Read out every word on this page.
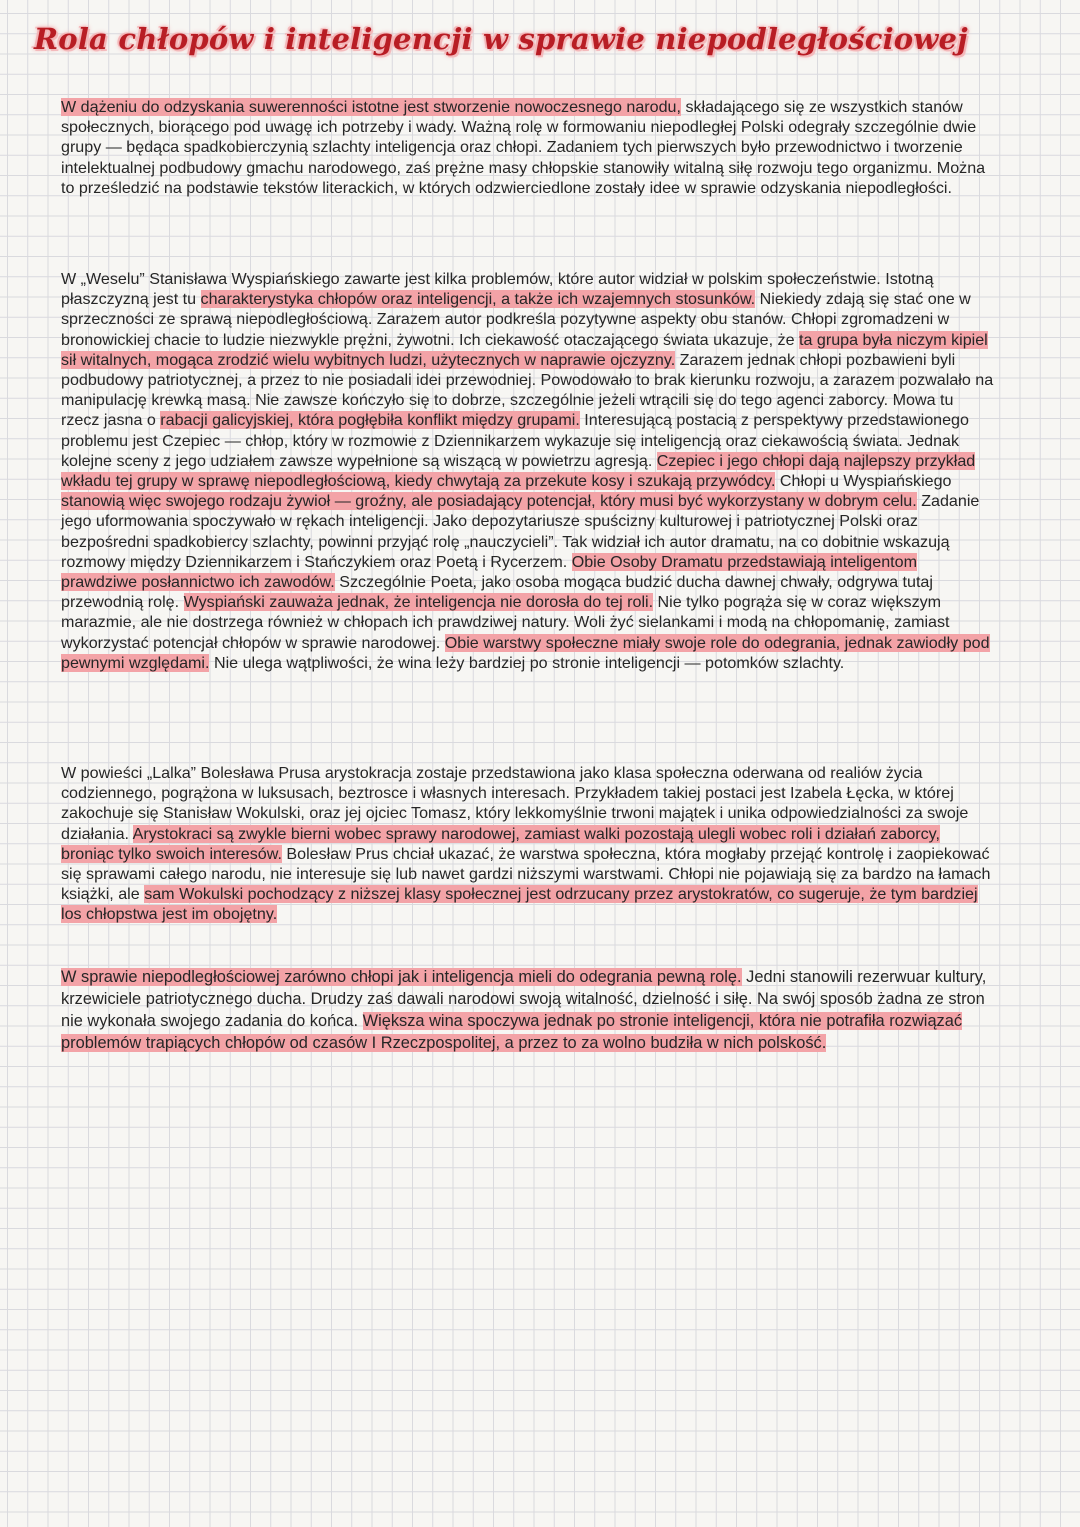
Rola chłopów i inteligencji w sprawie niepodległościowej

W dążeniu do odzyskania suwerenności istotne jest stworzenie nowoczesnego narodu, składającego się ze wszystkich stanów społecznych, biorącego pod uwagę ich potrzeby i wady. Ważną rolę w formowaniu niepodległej Polski odegrały szczególnie dwie grupy — będąca spadkobierczynią szlachty inteligencja oraz chłopi. Zadaniem tych pierwszych było przewodnictwo i tworzenie intelektualnej podbudowy gmachu narodowego, zaś prężne masy chłopskie stanowiły witalną siłę rozwoju tego organizmu. Można to prześledzić na podstawie tekstów literackich, w których odzwierciedlone zostały idee w sprawie odzyskania niepodległości.

W „Weselu” Stanisława Wyspiańskiego zawarte jest kilka problemów, które autor widział w polskim społeczeństwie. Istotną płaszczyzną jest tu charakterystyka chłopów oraz inteligencji, a także ich wzajemnych stosunków. Niekiedy zdają się stać one w sprzeczności ze sprawą niepodległościową. Zarazem autor podkreśla pozytywne aspekty obu stanów. Chłopi zgromadzeni w bronowickiej chacie to ludzie niezwykle prężni, żywotni. Ich ciekawość otaczającego świata ukazuje, że ta grupa była niczym kipiel sił witalnych, mogąca zrodzić wielu wybitnych ludzi, użytecznych w naprawie ojczyzny. Zarazem jednak chłopi pozbawieni byli podbudowy patriotycznej, a przez to nie posiadali idei przewodniej. Powodowało to brak kierunku rozwoju, a zarazem pozwalało na manipulację krewką masą. Nie zawsze kończyło się to dobrze, szczególnie jeżeli wtrącili się do tego agenci zaborcy. Mowa tu rzecz jasna o rabacji galicyjskiej, która pogłębiła konflikt między grupami. Interesującą postacią z perspektywy przedstawionego problemu jest Czepiec — chłop, który w rozmowie z Dziennikarzem wykazuje się inteligencją oraz ciekawością świata. Jednak kolejne sceny z jego udziałem zawsze wypełnione są wiszącą w powietrzu agresją. Czepiec i jego chłopi dają najlepszy przykład wkładu tej grupy w sprawę niepodległościową, kiedy chwytają za przekute kosy i szukają przywódcy. Chłopi u Wyspiańskiego stanowią więc swojego rodzaju żywioł — groźny, ale posiadający potencjał, który musi być wykorzystany w dobrym celu. Zadanie jego uformowania spoczywało w rękach inteligencji. Jako depozytariusze spuścizny kulturowej i patriotycznej Polski oraz bezpośredni spadkobiercy szlachty, powinni przyjąć rolę „nauczycieli”. Tak widział ich autor dramatu, na co dobitnie wskazują rozmowy między Dziennikarzem i Stańczykiem oraz Poetą i Rycerzem. Obie Osoby Dramatu przedstawiają inteligentom prawdziwe posłannictwo ich zawodów. Szczególnie Poeta, jako osoba mogąca budzić ducha dawnej chwały, odgrywa tutaj przewodnią rolę. Wyspiański zauważa jednak, że inteligencja nie dorosła do tej roli. Nie tylko pogrąża się w coraz większym marazmie, ale nie dostrzega również w chłopach ich prawdziwej natury. Woli żyć sielankami i modą na chłopomanię, zamiast wykorzystać potencjał chłopów w sprawie narodowej. Obie warstwy społeczne miały swoje role do odegrania, jednak zawiodły pod pewnymi względami. Nie ulega wątpliwości, że wina leży bardziej po stronie inteligencji — potomków szlachty.

W powieści „Lalka” Bolesława Prusa arystokracja zostaje przedstawiona jako klasa społeczna oderwana od realiów życia codziennego, pogrążona w luksusach, beztrosce i własnych interesach. Przykładem takiej postaci jest Izabela Łęcka, w której zakochuje się Stanisław Wokulski, oraz jej ojciec Tomasz, który lekkomyślnie trwoni majątek i unika odpowiedzialności za swoje działania. Arystokraci są zwykle bierni wobec sprawy narodowej, zamiast walki pozostają ulegli wobec roli i działań zaborcy, broniąc tylko swoich interesów. Bolesław Prus chciał ukazać, że warstwa społeczna, która mogłaby przejąć kontrolę i zaopiekować się sprawami całego narodu, nie interesuje się lub nawet gardzi niższymi warstwami. Chłopi nie pojawiają się za bardzo na łamach książki, ale sam Wokulski pochodzący z niższej klasy społecznej jest odrzucany przez arystokratów, co sugeruje, że tym bardziej los chłopstwa jest im obojętny.

W sprawie niepodległościowej zarówno chłopi jak i inteligencja mieli do odegrania pewną rolę. Jedni stanowili rezerwuar kultury, krzewiciele patriotycznego ducha. Drudzy zaś dawali narodowi swoją witalność, dzielność i siłę. Na swój sposób żadna ze stron nie wykonała swojego zadania do końca. Większa wina spoczywa jednak po stronie inteligencji, która nie potrafiła rozwiązać problemów trapiących chłopów od czasów I Rzeczpospolitej, a przez to za wolno budziła w nich polskość.
